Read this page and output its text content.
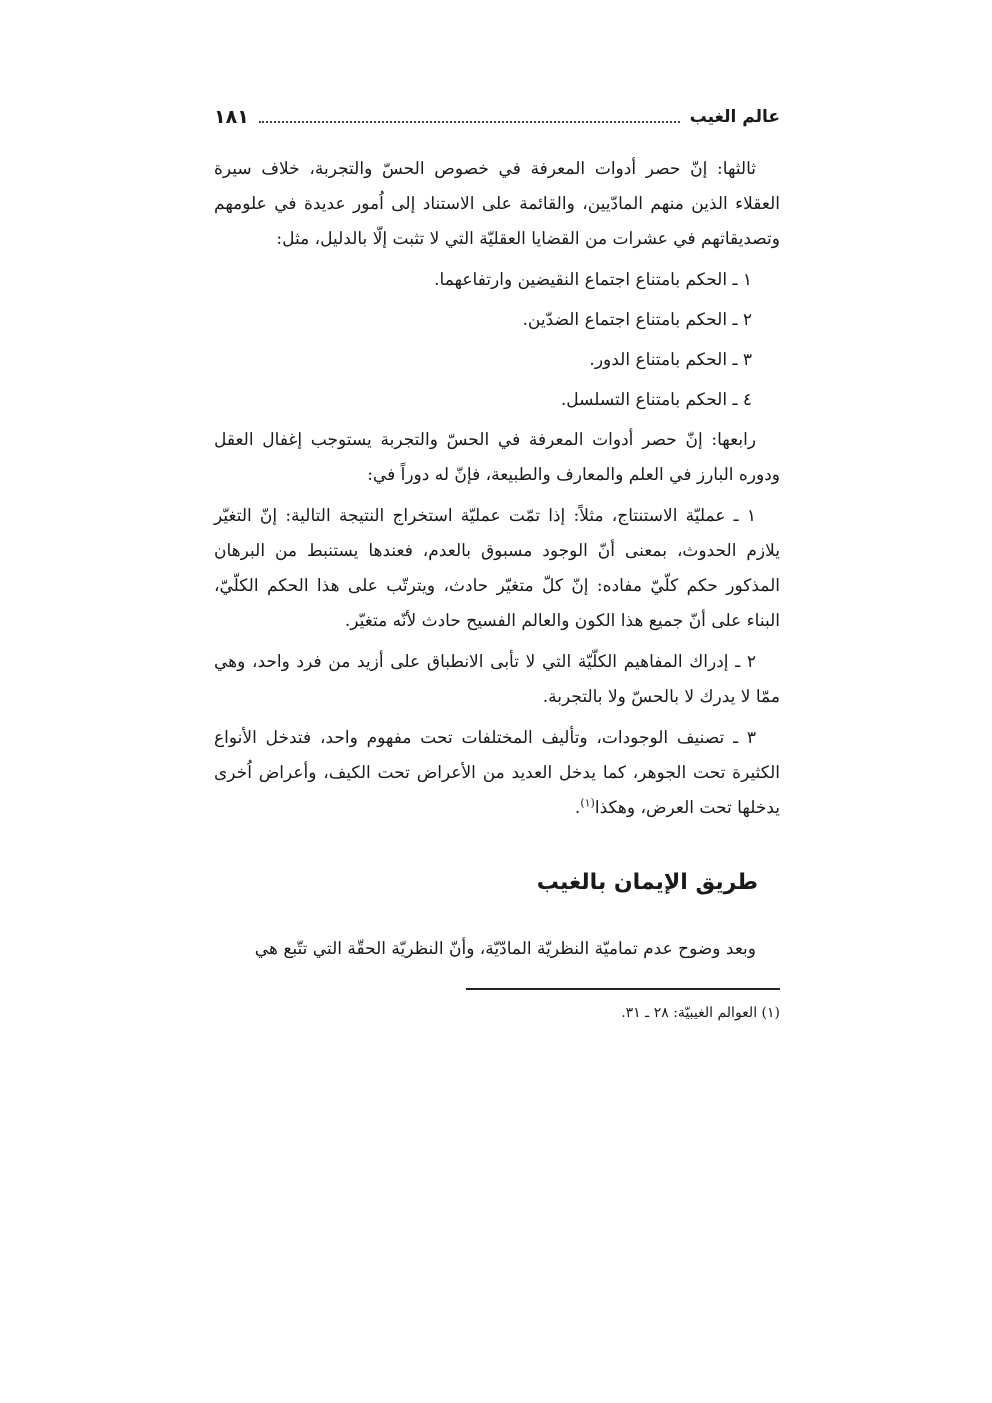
عالم الغيب
١٨١

ثالثها: إنّ حصر أدوات المعرفة في خصوص الحسّ والتجربة، خلاف سيرة العقلاء الذين منهم المادّيين، والقائمة على الاستناد إلى اُمور عديدة في علومهم وتصديقاتهم في عشرات من القضايا العقليّة التي لا تثبت إلّا بالدليل، مثل:

١ ـ الحكم بامتناع اجتماع النقيضين وارتفاعهما.

٢ ـ الحكم بامتناع اجتماع الضدّين.

٣ ـ الحكم بامتناع الدور.

٤ ـ الحكم بامتناع التسلسل.

رابعها: إنّ حصر أدوات المعرفة في الحسّ والتجربة يستوجب إغفال العقل ودوره البارز في العلم والمعارف والطبيعة، فإنّ له دوراً في:

١ ـ عمليّة الاستنتاج، مثلاً: إذا تمّت عمليّة استخراج النتيجة التالية: إنّ التغيّر يلازم الحدوث، بمعنى أنّ الوجود مسبوق بالعدم، فعندها يستنبط من البرهان المذكور حكم كلّيّ مفاده: إنّ كلّ متغيّر حادث، ويترتّب على هذا الحكم الكلّيّ، البناء على أنّ جميع هذا الكون والعالم الفسيح حادث لأنّه متغيّر.

٢ ـ إدراك المفاهيم الكلّيّة التي لا تأبى الانطباق على أزيد من فرد واحد، وهي ممّا لا يدرك لا بالحسّ ولا بالتجربة.

٣ ـ تصنيف الوجودات، وتأليف المختلفات تحت مفهوم واحد، فتدخل الأنواع الكثيرة تحت الجوهر، كما يدخل العديد من الأعراض تحت الكيف، وأعراض اُخرى يدخلها تحت العرض، وهكذا$^{(١)}$.

طريق الإيمان بالغيب
وبعد وضوح عدم تماميّة النظريّة المادّيّة، وأنّ النظريّة الحقّة التي تتّبع هي
(١) العوالم الغيبيّة: ٢٨ ـ ٣١.
